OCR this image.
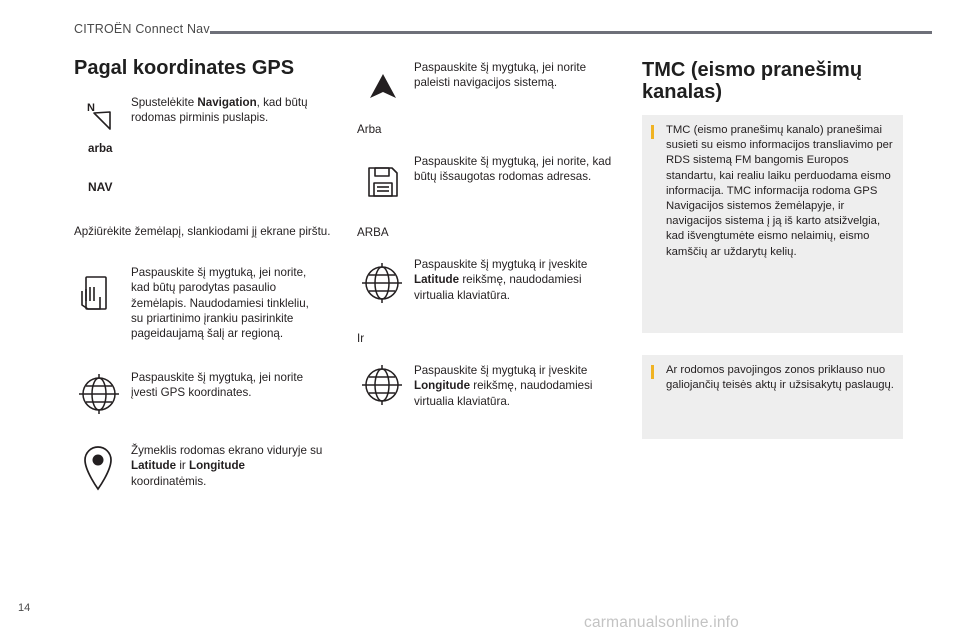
CITROËN Connect Nav
Pagal koordinates GPS
N
arba
NAV
Spustelėkite Navigation, kad būtų rodomas pirminis puslapis.
Apžiūrėkite žemėlapį, slankiodami jį ekrane pirštu.
Paspauskite šį mygtuką, jei norite, kad būtų parodytas pasaulio žemėlapis. Naudodamiesi tinkleliu, su priartinimo įrankiu pasirinkite pageidaujamą šalį ar regioną.
Paspauskite šį mygtuką, jei norite įvesti GPS koordinates.
Žymeklis rodomas ekrano viduryje su Latitude ir Longitude koordinatėmis.
Paspauskite šį mygtuką, jei norite paleisti navigacijos sistemą.
Arba
Paspauskite šį mygtuką, jei norite, kad būtų išsaugotas rodomas adresas.
ARBA
Paspauskite šį mygtuką ir įveskite Latitude reikšmę, naudodamiesi virtualia klaviatūra.
Ir
Paspauskite šį mygtuką ir įveskite Longitude reikšmę, naudodamiesi virtualia klaviatūra.
TMC (eismo pranešimų
kanalas)
TMC (eismo pranešimų kanalo) pranešimai susieti su eismo informacijos transliavimo per RDS sistemą FM bangomis Europos standartu, kai realiu laiku perduodama eismo informacija. TMC informacija rodoma GPS Navigacijos sistemos žemėlapyje, ir navigacijos sistema į ją iš karto atsižvelgia, kad išvengtumėte eismo nelaimių, eismo kamščių ar uždarytų kelių.
Ar rodomos pavojingos zonos priklauso nuo galiojančių teisės aktų ir užsisakytų paslaugų.
14
carmanualsonline.info
